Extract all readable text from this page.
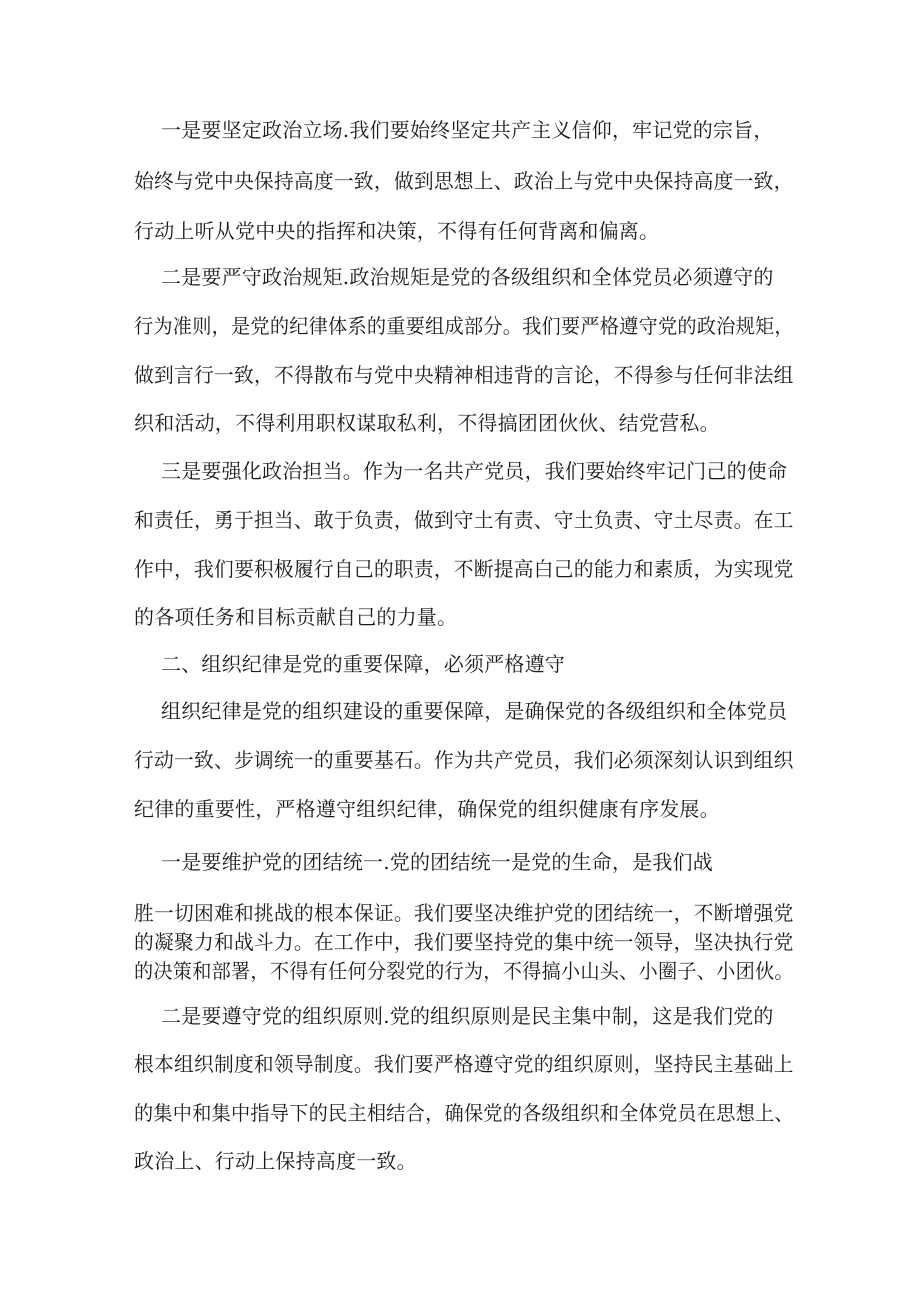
一是要坚定政治立场.我们要始终坚定共产主义信仰，牢记党的宗旨，
始终与党中央保持高度一致，做到思想上、政治上与党中央保持高度一致，
行动上听从党中央的指挥和决策，不得有任何背离和偏离。
二是要严守政治规矩.政治规矩是党的各级组织和全体党员必须遵守的
行为准则，是党的纪律体系的重要组成部分。我们要严格遵守党的政治规矩，
做到言行一致，不得散布与党中央精神相违背的言论，不得参与任何非法组
织和活动，不得利用职权谋取私利，不得搞团团伙伙、结党营私。
三是要强化政治担当。作为一名共产党员，我们要始终牢记门己的使命
和责任，勇于担当、敢于负责，做到守土有责、守土负责、守土尽责。在工
作中，我们要积极履行自己的职责，不断提高白己的能力和素质，为实现党
的各项任务和目标贡献自己的力量。
二、组织纪律是党的重要保障，必须严格遵守
组织纪律是党的组织建设的重要保障，是确保党的各级组织和全体党员
行动一致、步调统一的重要基石。作为共产党员，我们必须深刻认识到组织
纪律的重要性，严格遵守组织纪律，确保党的组织健康有序发展。
一是要维护党的团结统一.党的团结统一是党的生命，是我们战
胜一切困难和挑战的根本保证。我们要坚决维护党的团结统一，不断增强党
的凝聚力和战斗力。在工作中，我们要坚持党的集中统一领导，坚决执行党
的决策和部署，不得有任何分裂党的行为，不得搞小山头、小圈子、小团伙。
二是要遵守党的组织原则.党的组织原则是民主集中制，这是我们党的
根本组织制度和领导制度。我们要严格遵守党的组织原则，坚持民主基础上
的集中和集中指导下的民主相结合，确保党的各级组织和全体党员在思想上、
政治上、行动上保持高度一致。
